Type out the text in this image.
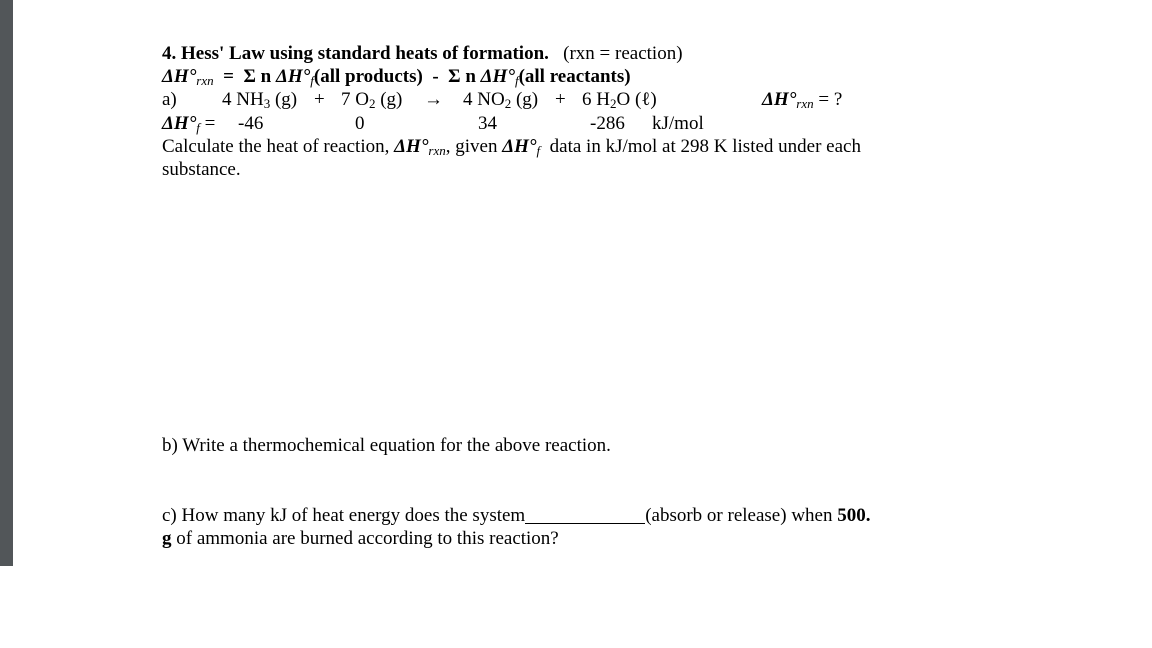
4. Hess' Law using standard heats of formation. (rxn = reaction)
$\Delta H^\circ_{rxn} = \Sigma$ n $\Delta H^\circ_f(all$ products) - Σ n $\Delta H^\circ_f(all$ reactants)
a) 4 $NH_3$ (g) + 7 $O_2$ (g) → 4 $NO_2$ (g) + 6 $H_2O$ (ℓ)	$\Delta H^\circ_{rxn}$ = ?
$\Delta H^\circ_f = -46$	0	34	-286 kJ/mol
Calculate the heat of reaction, $\Delta H^\circ_{rxn}$, given $\Delta H^\circ_f$ data in kJ/mol at 298 K listed under each
substance.
b) Write a thermochemical equation for the above reaction.
c) How many kJ of heat energy does the system	(absorb or release) when 500.
g of ammonia are burned according to this reaction?
